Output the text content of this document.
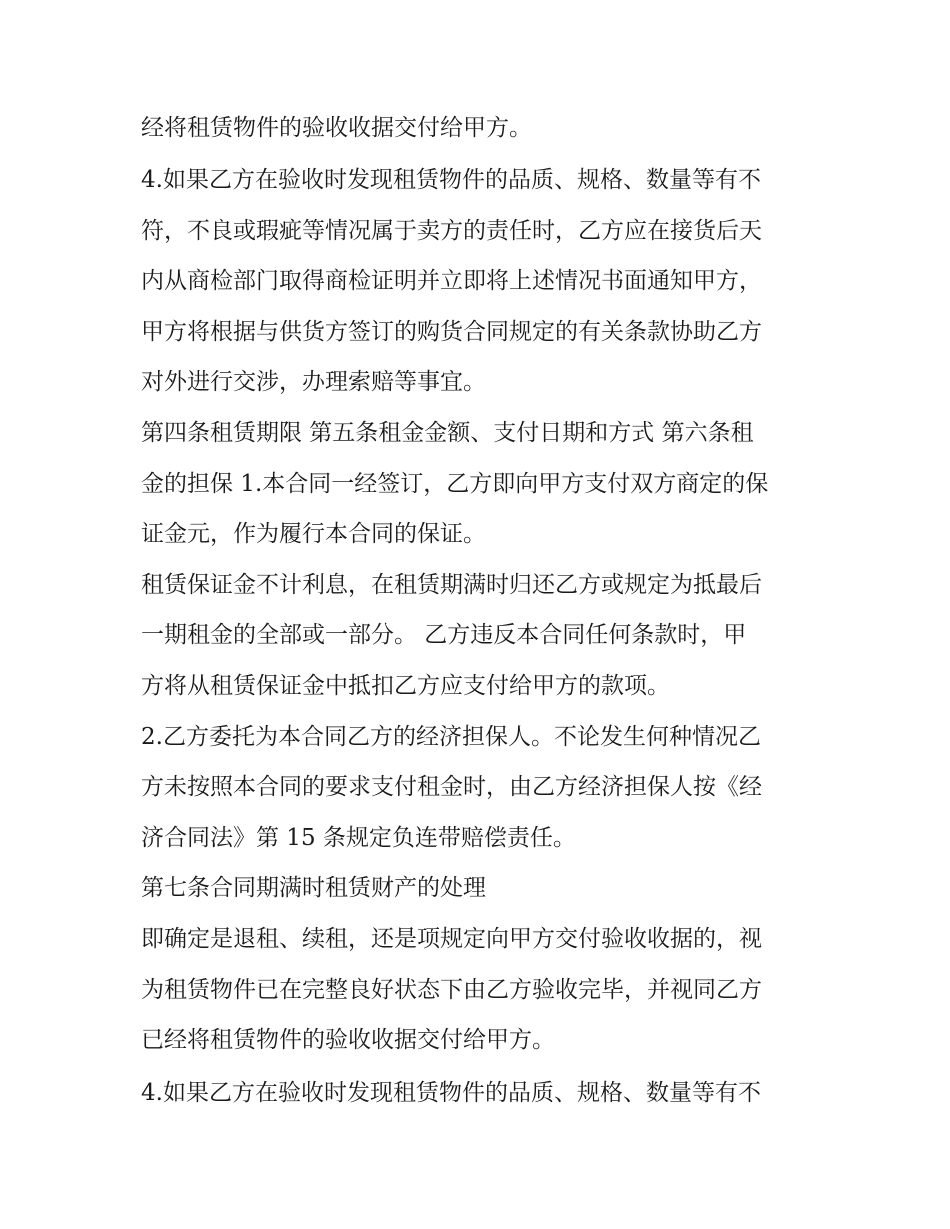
经将租赁物件的验收收据交付给甲方。
4.如果乙方在验收时发现租赁物件的品质、规格、数量等有不
符，不良或瑕疵等情况属于卖方的责任时，乙方应在接货后天
内从商检部门取得商检证明并立即将上述情况书面通知甲方，
甲方将根据与供货方签订的购货合同规定的有关条款协助乙方
对外进行交涉，办理索赔等事宜。
第四条租赁期限 第五条租金金额、支付日期和方式 第六条租
金的担保 1.本合同一经签订，乙方即向甲方支付双方商定的保
证金元，作为履行本合同的保证。
租赁保证金不计利息，在租赁期满时归还乙方或规定为抵最后
一期租金的全部或一部分。 乙方违反本合同任何条款时，甲
方将从租赁保证金中抵扣乙方应支付给甲方的款项。
2.乙方委托为本合同乙方的经济担保人。不论发生何种情况乙
方未按照本合同的要求支付租金时，由乙方经济担保人按《经
济合同法》第 15 条规定负连带赔偿责任。
第七条合同期满时租赁财产的处理
即确定是退租、续租，还是项规定向甲方交付验收收据的，视
为租赁物件已在完整良好状态下由乙方验收完毕，并视同乙方
已经将租赁物件的验收收据交付给甲方。
4.如果乙方在验收时发现租赁物件的品质、规格、数量等有不
